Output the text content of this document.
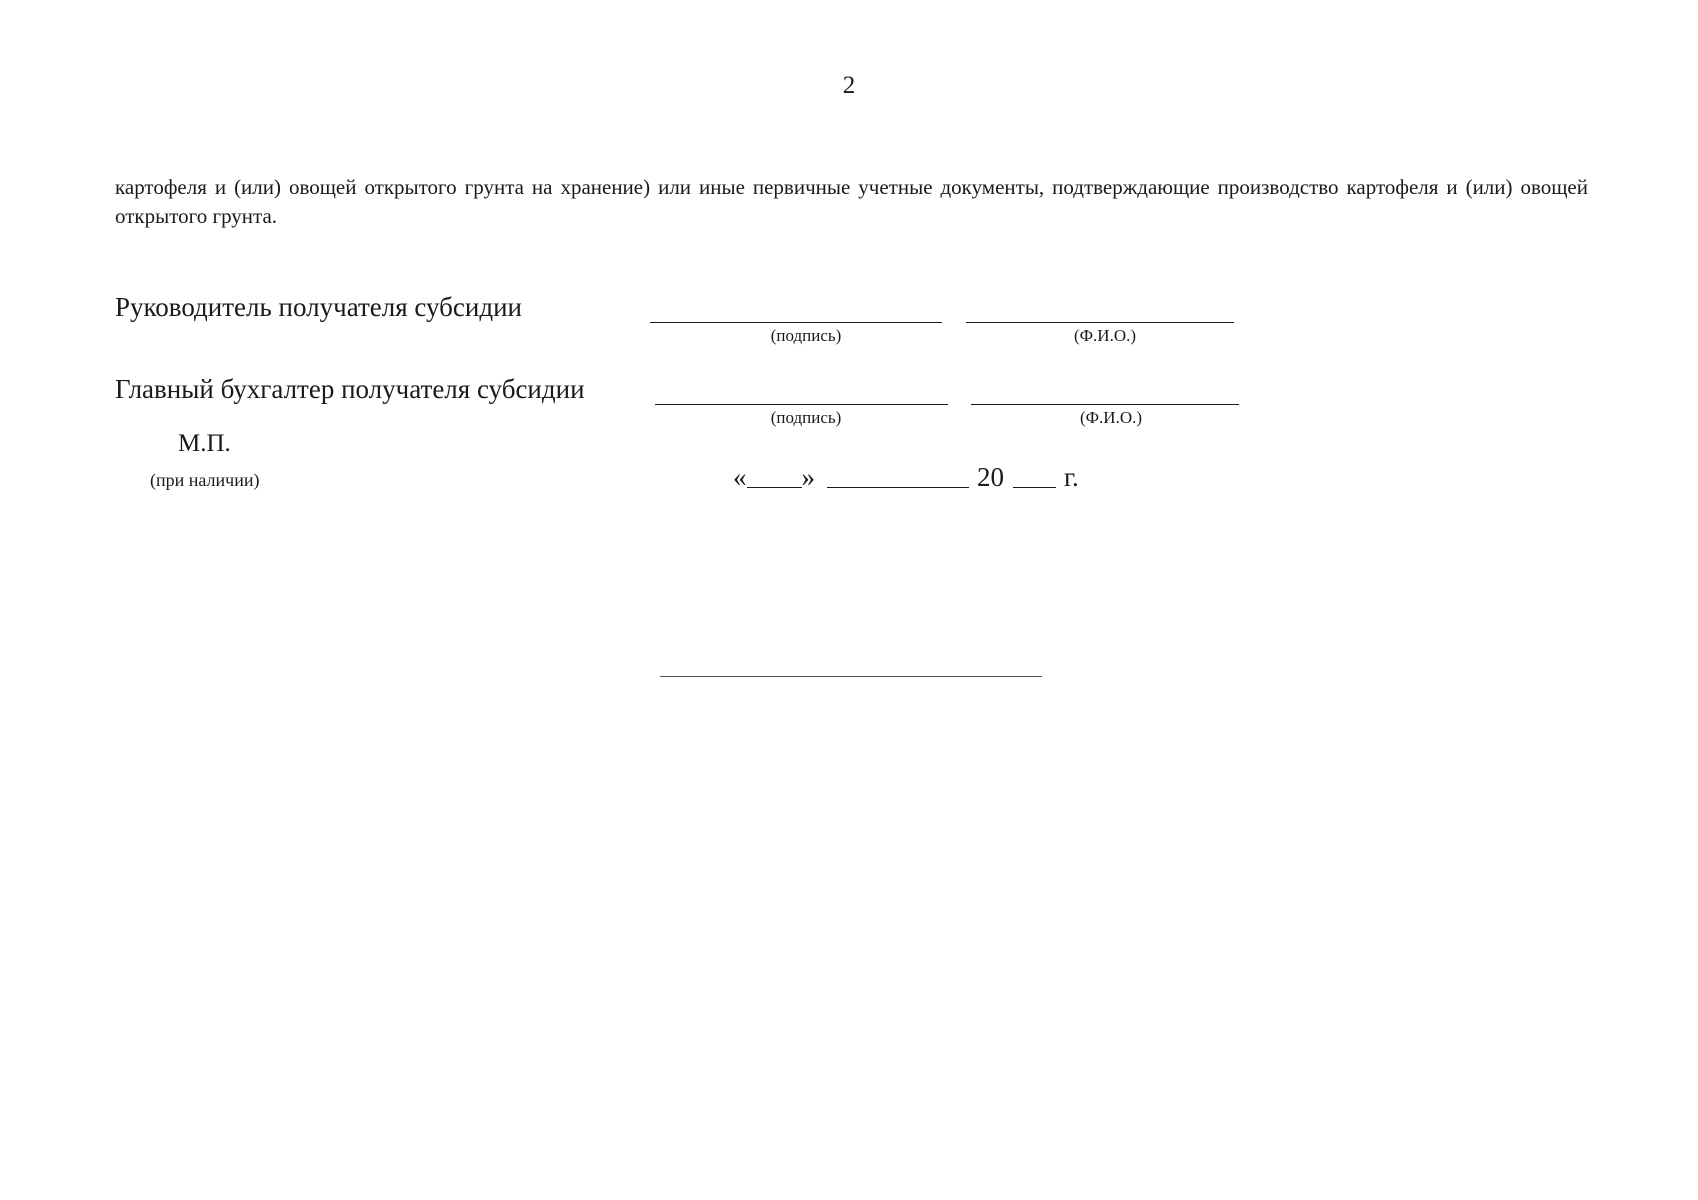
2

картофеля и (или) овощей открытого грунта на хранение) или иные первичные учетные документы, подтверждающие производство картофеля и (или) овощей открытого грунта.

Руководитель получателя субсидии
(подпись)	(Ф.И.О.)
Главный бухгалтер получателя субсидии
(подпись)	(Ф.И.О.)
М.П.
(при наличии)	« »	20 г.
